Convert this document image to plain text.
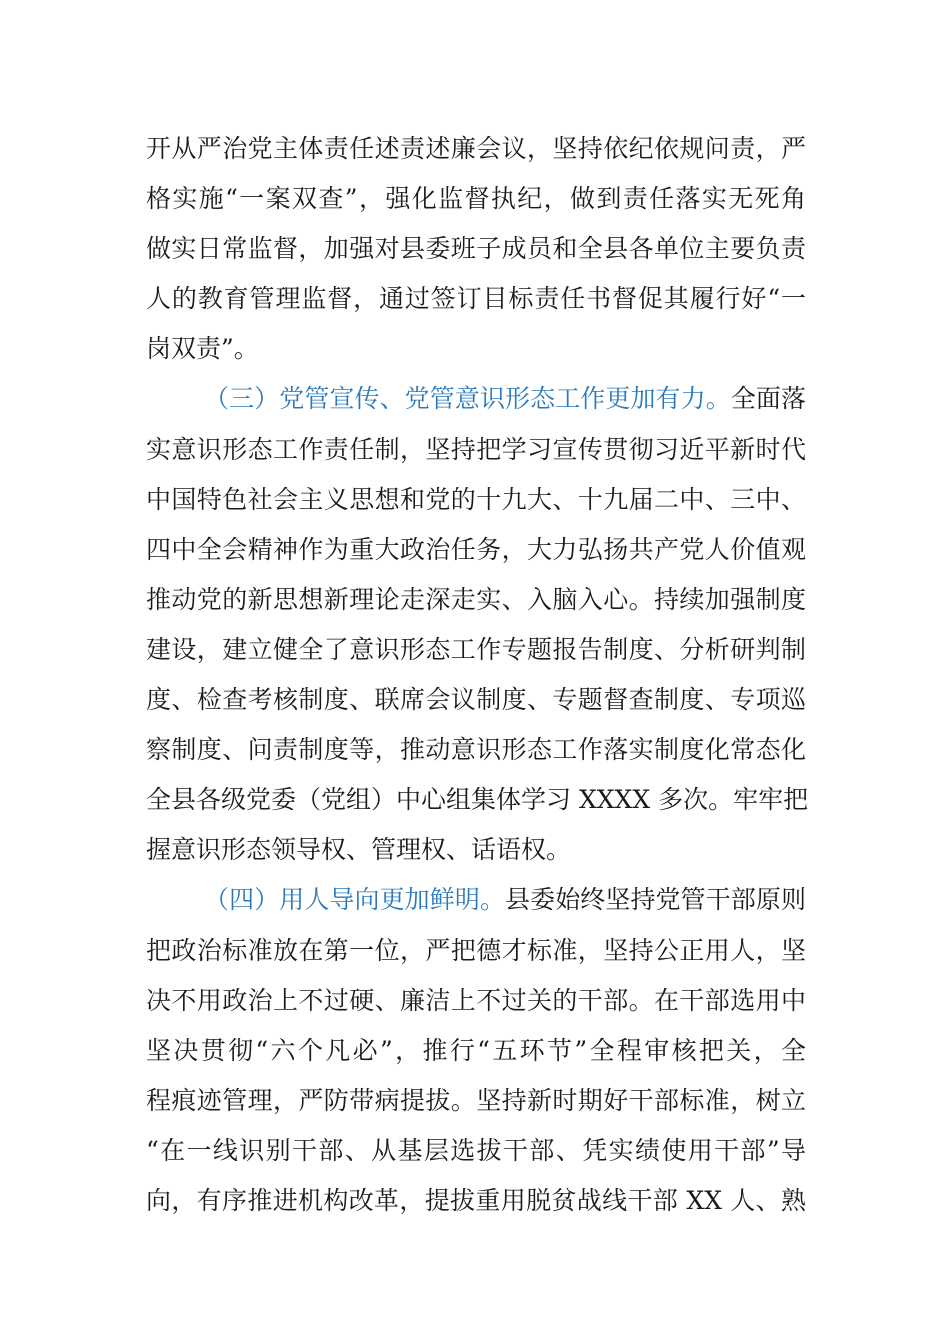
开从严治党主体责任述责述廉会议，坚持依纪依规问责，严
格实施“一案双查”，强化监督执纪，做到责任落实无死角
做实日常监督，加强对县委班子成员和全县各单位主要负责
人的教育管理监督，通过签订目标责任书督促其履行好“一
岗双责”。
（三）党管宣传、党管意识形态工作更加有力。全面落
实意识形态工作责任制，坚持把学习宣传贯彻习近平新时代
中国特色社会主义思想和党的十九大、十九届二中、三中、
四中全会精神作为重大政治任务，大力弘扬共产党人价值观
推动党的新思想新理论走深走实、入脑入心。持续加强制度
建设，建立健全了意识形态工作专题报告制度、分析研判制
度、检查考核制度、联席会议制度、专题督查制度、专项巡
察制度、问责制度等，推动意识形态工作落实制度化常态化
全县各级党委（党组）中心组集体学习 XXXX 多次。牢牢把
握意识形态领导权、管理权、话语权。
（四）用人导向更加鲜明。县委始终坚持党管干部原则
把政治标准放在第一位，严把德才标准，坚持公正用人，坚
决不用政治上不过硬、廉洁上不过关的干部。在干部选用中
坚决贯彻“六个凡必”，推行“五环节”全程审核把关，全
程痕迹管理，严防带病提拔。坚持新时期好干部标准，树立
“在一线识别干部、从基层选拔干部、凭实绩使用干部”导
向，有序推进机构改革，提拔重用脱贫战线干部 XX 人、熟
